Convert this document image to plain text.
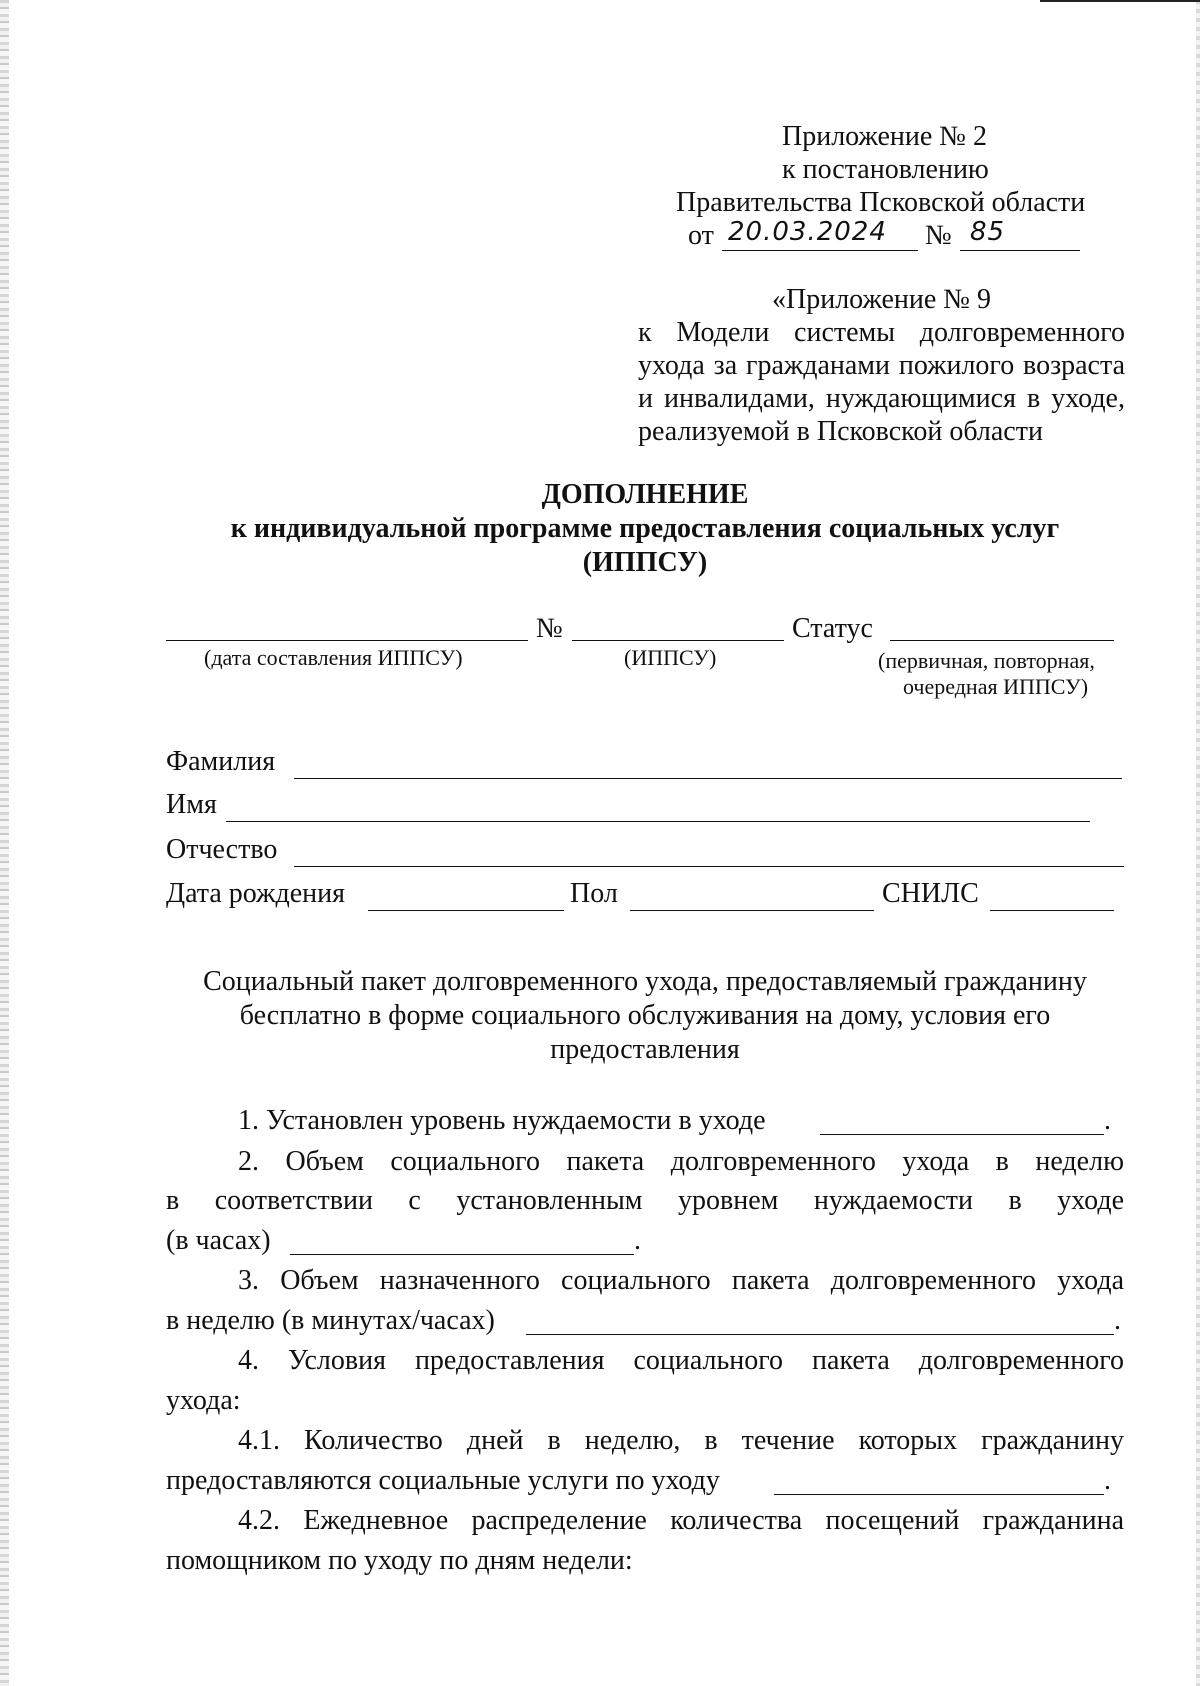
Приложение № 2
к постановлению
Правительства Псковской области
от 20.03.2024 № 85
«Приложение № 9
к Модели системы долговременного
ухода за гражданами пожилого возраста
и инвалидами, нуждающимися в уходе,
реализуемой в Псковской области
ДОПОЛНЕНИЕ
к индивидуальной программе предоставления социальных услуг
(ИППСУ)
№	Статус
(дата составления ИППСУ)	(ИППСУ)	(первичная, повторная,
очередная ИППСУ)
Фамилия
Имя
Отчество
Дата рождения	Пол	СНИЛС
Социальный пакет долговременного ухода, предоставляемый гражданину
бесплатно в форме социального обслуживания на дому, условия его
предоставления
1. Установлен уровень нуждаемости в уходе	.
2. Объем социального пакета долговременного ухода в неделю
в соответствии с установленным уровнем нуждаемости в уходе
(в часах)	.
3. Объем назначенного социального пакета долговременного ухода
в неделю (в минутах/часах)	.
4. Условия предоставления социального пакета долговременного
ухода:
4.1. Количество дней в неделю, в течение которых гражданину
предоставляются социальные услуги по уходу	.
4.2. Ежедневное распределение количества посещений гражданина
помощником по уходу по дням недели:
